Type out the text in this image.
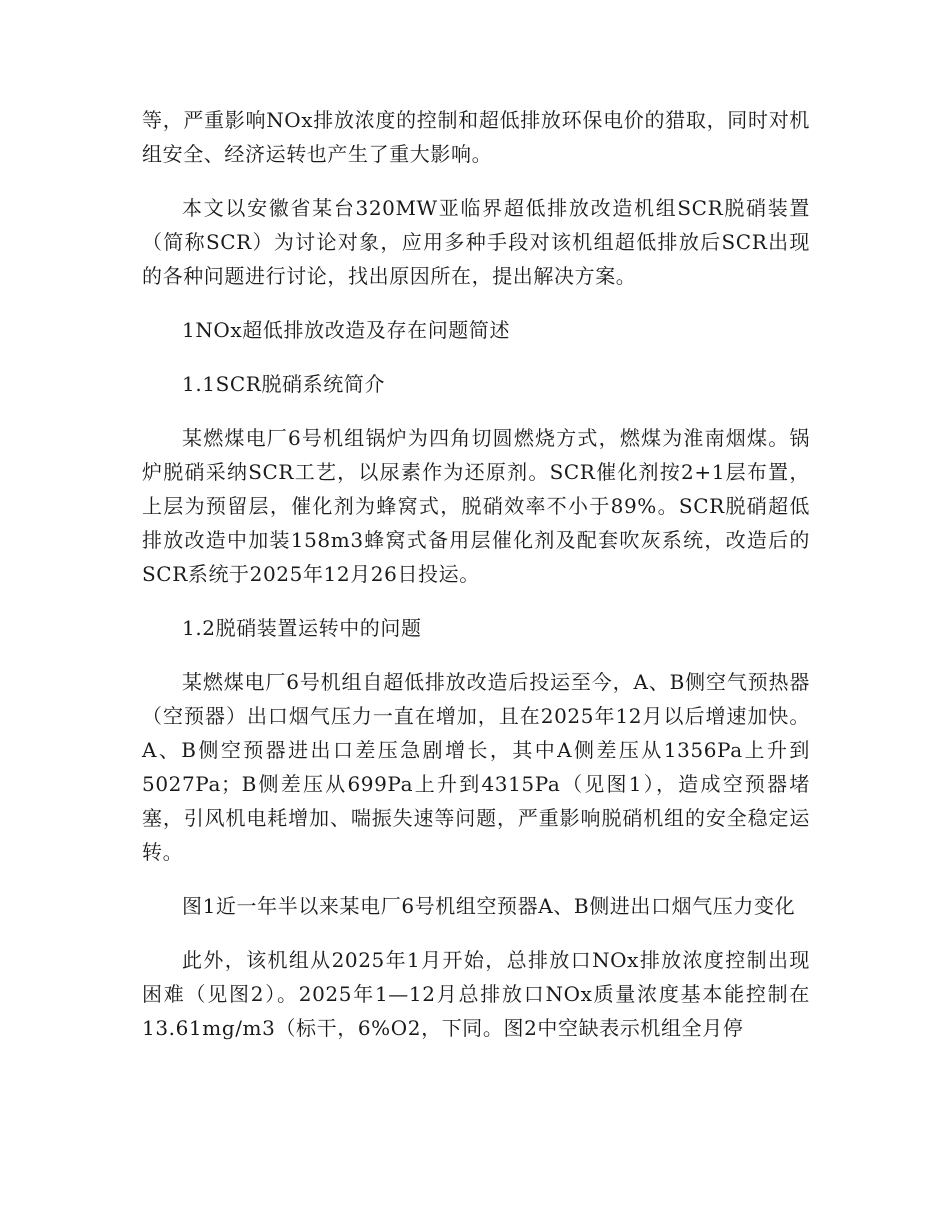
等，严重影响NOx排放浓度的控制和超低排放环保电价的猎取，同时对机组安全、经济运转也产生了重大影响。

本文以安徽省某台320MW亚临界超低排放改造机组SCR脱硝装置（简称SCR）为讨论对象，应用多种手段对该机组超低排放后SCR出现的各种问题进行讨论，找出原因所在，提出解决方案。

1NOx超低排放改造及存在问题简述

1.1SCR脱硝系统简介

某燃煤电厂6号机组锅炉为四角切圆燃烧方式，燃煤为淮南烟煤。锅炉脱硝采纳SCR工艺，以尿素作为还原剂。SCR催化剂按2+1层布置，上层为预留层，催化剂为蜂窝式，脱硝效率不小于89%。SCR脱硝超低排放改造中加装158m3蜂窝式备用层催化剂及配套吹灰系统，改造后的SCR系统于2025年12月26日投运。

1.2脱硝装置运转中的问题

某燃煤电厂6号机组自超低排放改造后投运至今，A、B侧空气预热器（空预器）出口烟气压力一直在增加，且在2025年12月以后增速加快。A、B侧空预器进出口差压急剧增长，其中A侧差压从1356Pa上升到5027Pa；B侧差压从699Pa上升到4315Pa（见图1），造成空预器堵塞，引风机电耗增加、喘振失速等问题，严重影响脱硝机组的安全稳定运转。

图1近一年半以来某电厂6号机组空预器A、B侧进出口烟气压力变化

此外，该机组从2025年1月开始，总排放口NOx排放浓度控制出现困难（见图2）。2025年1—12月总排放口NOx质量浓度基本能控制在13.61mg/m3（标干，6%O2，下同。图2中空缺表示机组全月停
